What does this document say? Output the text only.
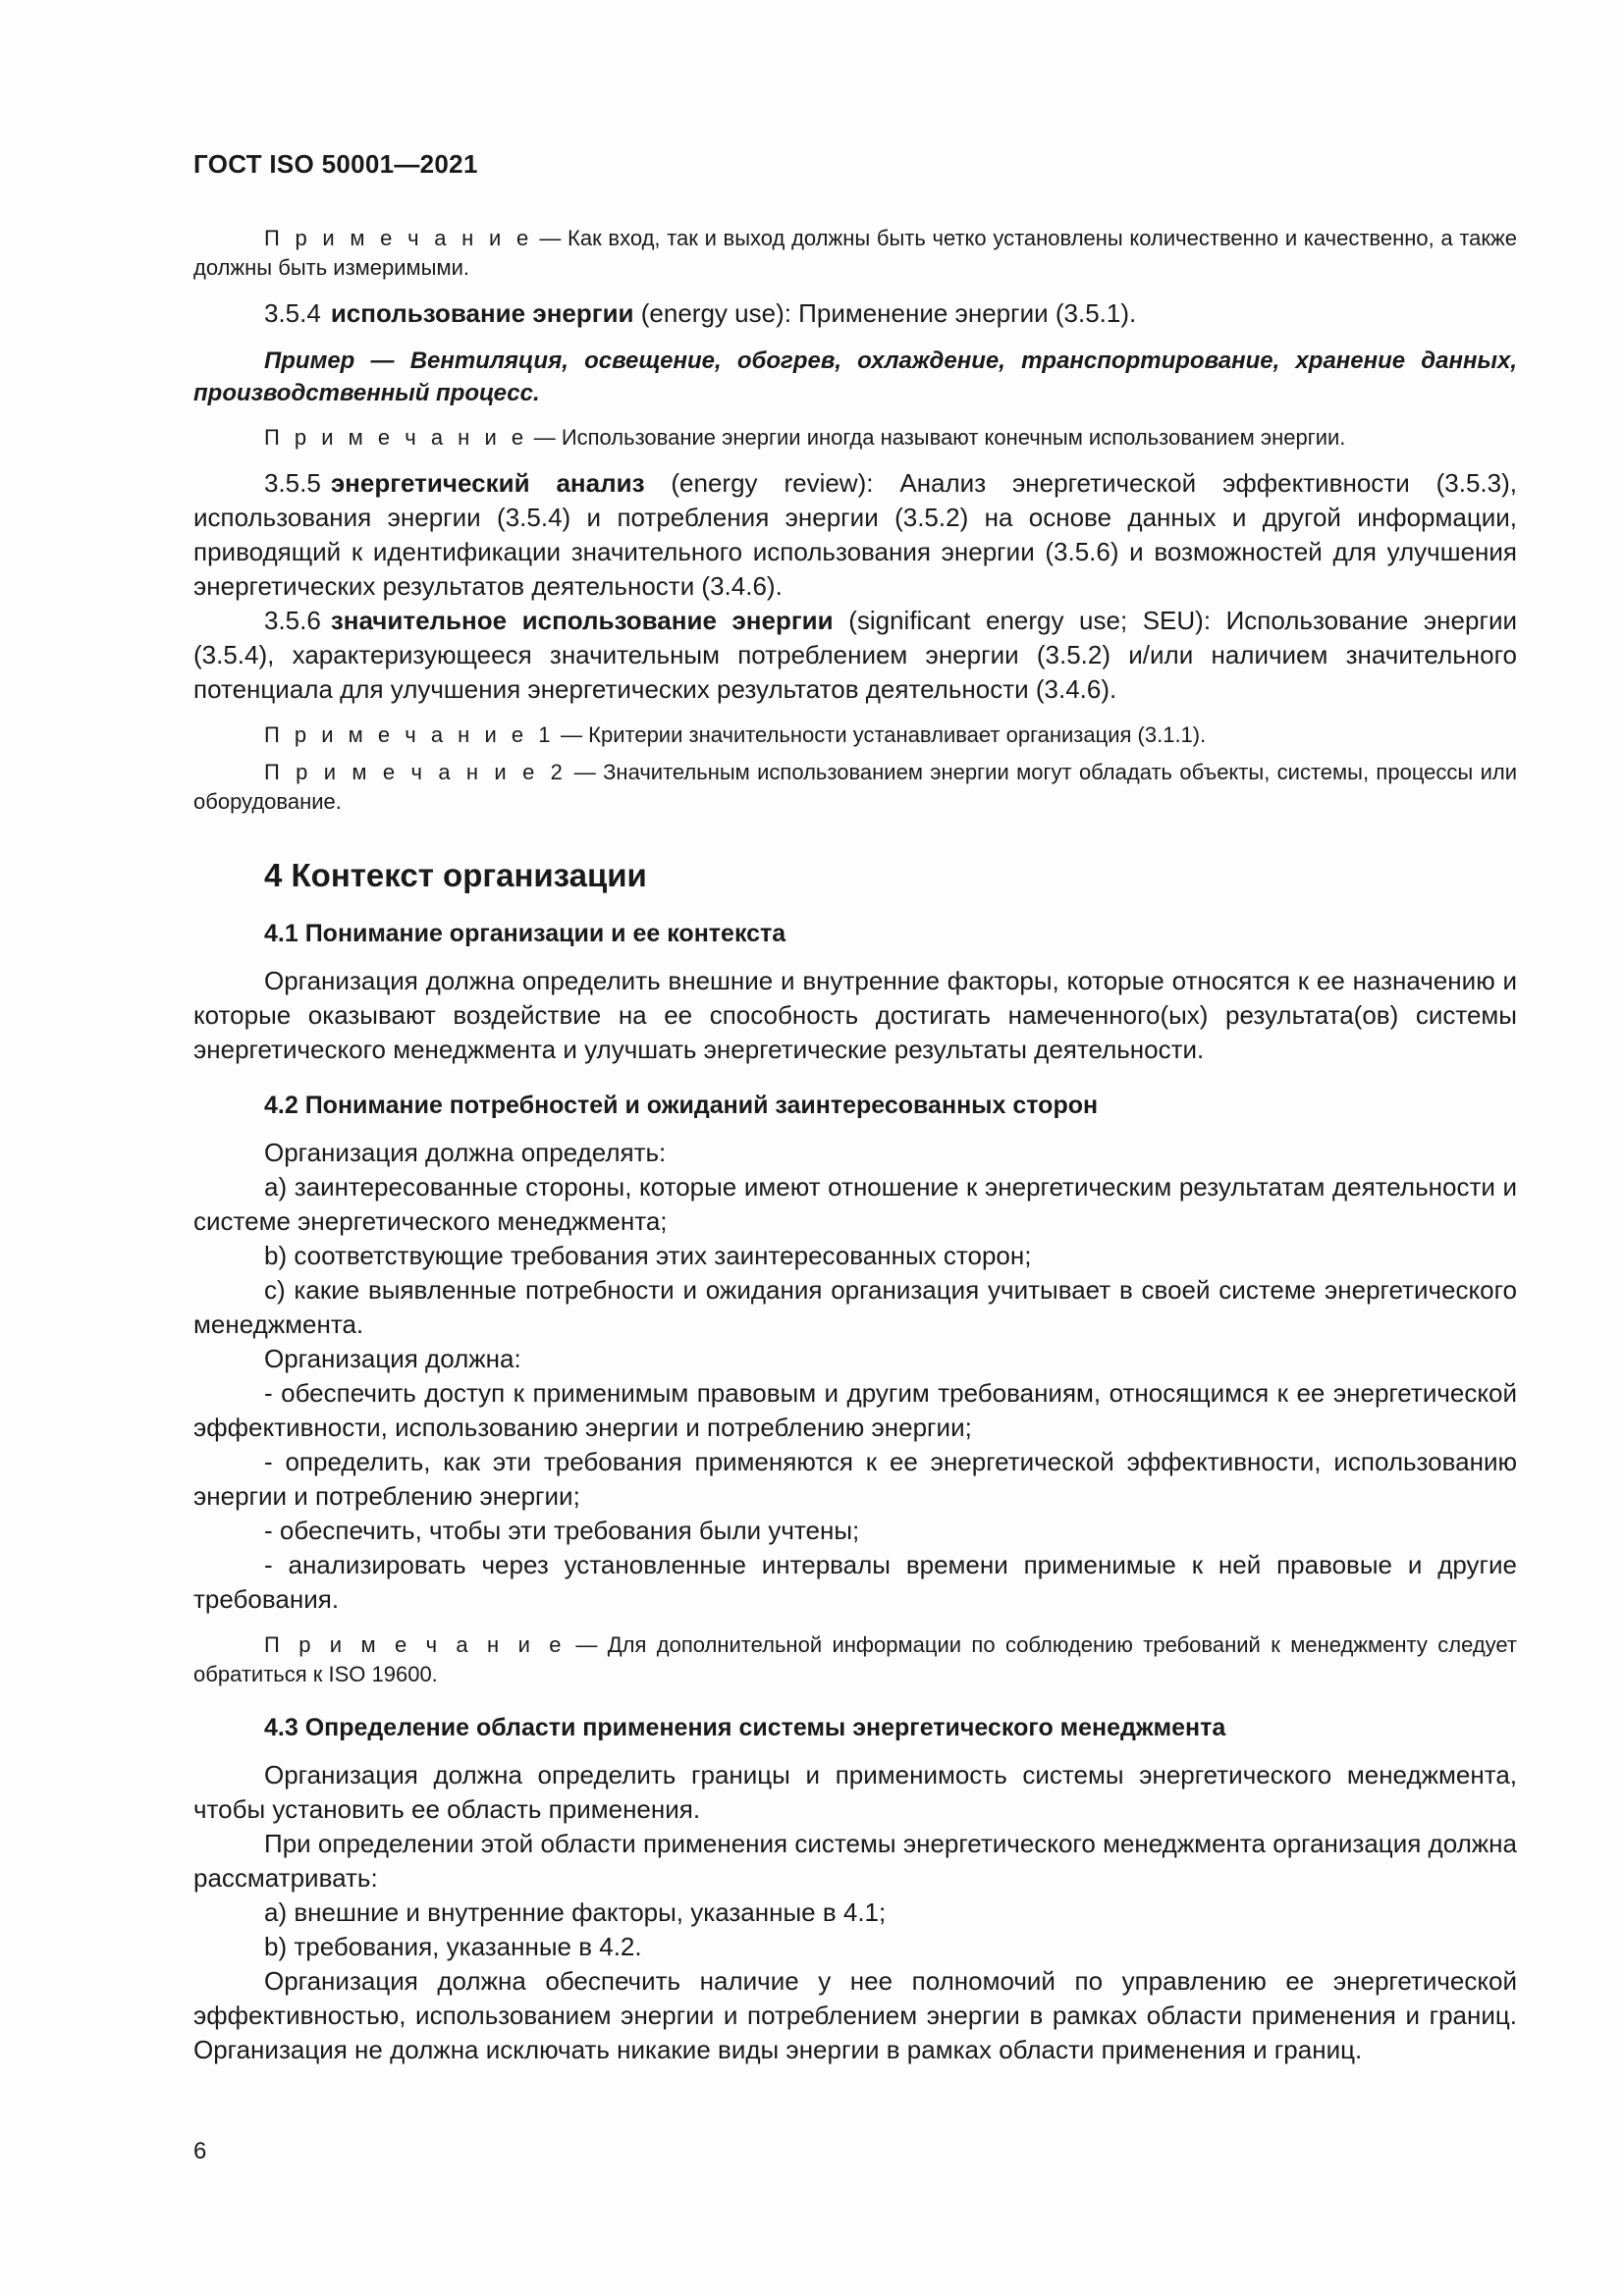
ГОСТ ISO 50001—2021

П р и м е ч а н и е — Как вход, так и выход должны быть четко установлены количественно и качественно, а также должны быть измеримыми.

3.5.4 использование энергии (energy use): Применение энергии (3.5.1).

Пример — Вентиляция, освещение, обогрев, охлаждение, транспортирование, хранение данных, производственный процесс.

П р и м е ч а н и е — Использование энергии иногда называют конечным использованием энергии.

3.5.5 энергетический анализ (energy review): Анализ энергетической эффективности (3.5.3), использования энергии (3.5.4) и потребления энергии (3.5.2) на основе данных и другой информации, приводящий к идентификации значительного использования энергии (3.5.6) и возможностей для улучшения энергетических результатов деятельности (3.4.6).

3.5.6 значительное использование энергии (significant energy use; SEU): Использование энергии (3.5.4), характеризующееся значительным потреблением энергии (3.5.2) и/или наличием значительного потенциала для улучшения энергетических результатов деятельности (3.4.6).

П р и м е ч а н и е 1 — Критерии значительности устанавливает организация (3.1.1).

П р и м е ч а н и е 2 — Значительным использованием энергии могут обладать объекты, системы, процессы или оборудование.

4 Контекст организации
4.1 Понимание организации и ее контекста

Организация должна определить внешние и внутренние факторы, которые относятся к ее назначению и которые оказывают воздействие на ее способность достигать намеченного(ых) результата(ов) системы энергетического менеджмента и улучшать энергетические результаты деятельности.

4.2 Понимание потребностей и ожиданий заинтересованных сторон

Организация должна определять:

a) заинтересованные стороны, которые имеют отношение к энергетическим результатам деятельности и системе энергетического менеджмента;

b) соответствующие требования этих заинтересованных сторон;

c) какие выявленные потребности и ожидания организация учитывает в своей системе энергетического менеджмента.

Организация должна:

- обеспечить доступ к применимым правовым и другим требованиям, относящимся к ее энергетической эффективности, использованию энергии и потреблению энергии;

- определить, как эти требования применяются к ее энергетической эффективности, использованию энергии и потреблению энергии;

- обеспечить, чтобы эти требования были учтены;

- анализировать через установленные интервалы времени применимые к ней правовые и другие требования.

П р и м е ч а н и е — Для дополнительной информации по соблюдению требований к менеджменту следует обратиться к ISO 19600.

4.3 Определение области применения системы энергетического менеджмента

Организация должна определить границы и применимость системы энергетического менеджмента, чтобы установить ее область применения.

При определении этой области применения системы энергетического менеджмента организация должна рассматривать:

a) внешние и внутренние факторы, указанные в 4.1;

b) требования, указанные в 4.2.

Организация должна обеспечить наличие у нее полномочий по управлению ее энергетической эффективностью, использованием энергии и потреблением энергии в рамках области применения и границ. Организация не должна исключать никакие виды энергии в рамках области применения и границ.

6
